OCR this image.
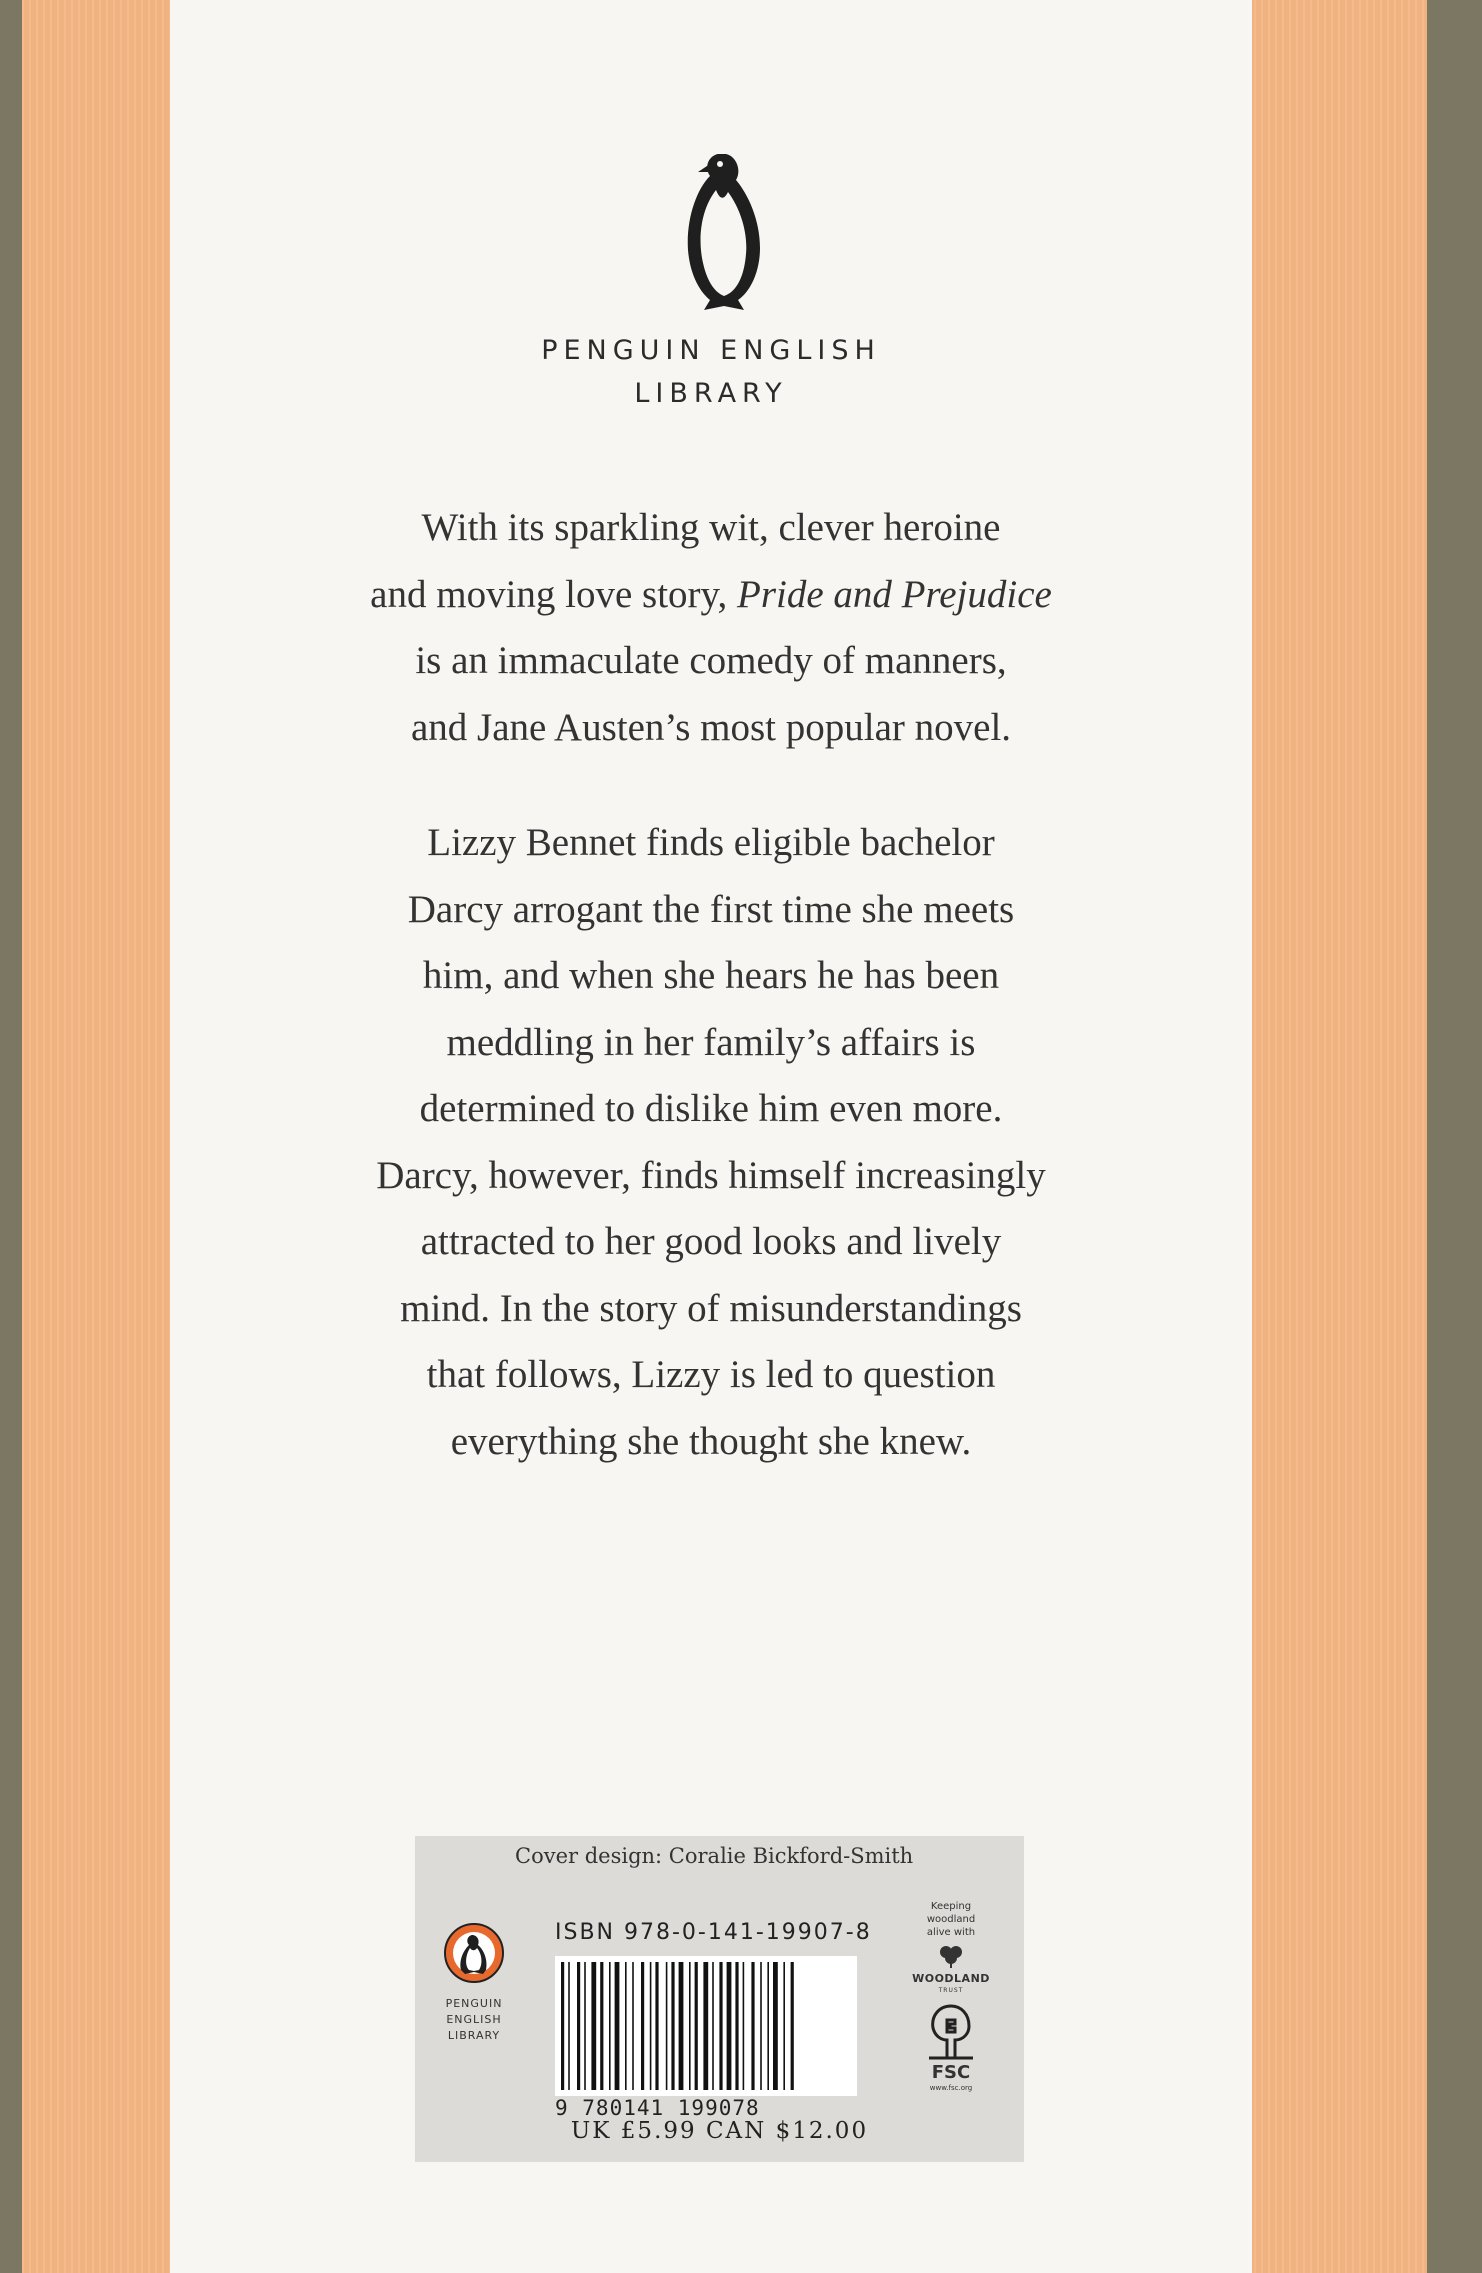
PENGUIN ENGLISH
LIBRARY
With its sparkling wit, clever heroine
and moving love story, Pride and Prejudice
is an immaculate comedy of manners,
and Jane Austen’s most popular novel.
Lizzy Bennet finds eligible bachelor
Darcy arrogant the first time she meets
him, and when she hears he has been
meddling in her family’s affairs is
determined to dislike him even more.
Darcy, however, finds himself increasingly
attracted to her good looks and lively
mind. In the story of misunderstandings
that follows, Lizzy is led to question
everything she thought she knew.
Cover design: Coralie Bickford-Smith
PENGUIN
ENGLISH
LIBRARY
ISBN 978-0-141-19907-8
9 780141 199078
Keeping
woodland
alive with
WOODLAND
TRUST
FSC
www.fsc.org
UK £5.99 CAN $12.00
